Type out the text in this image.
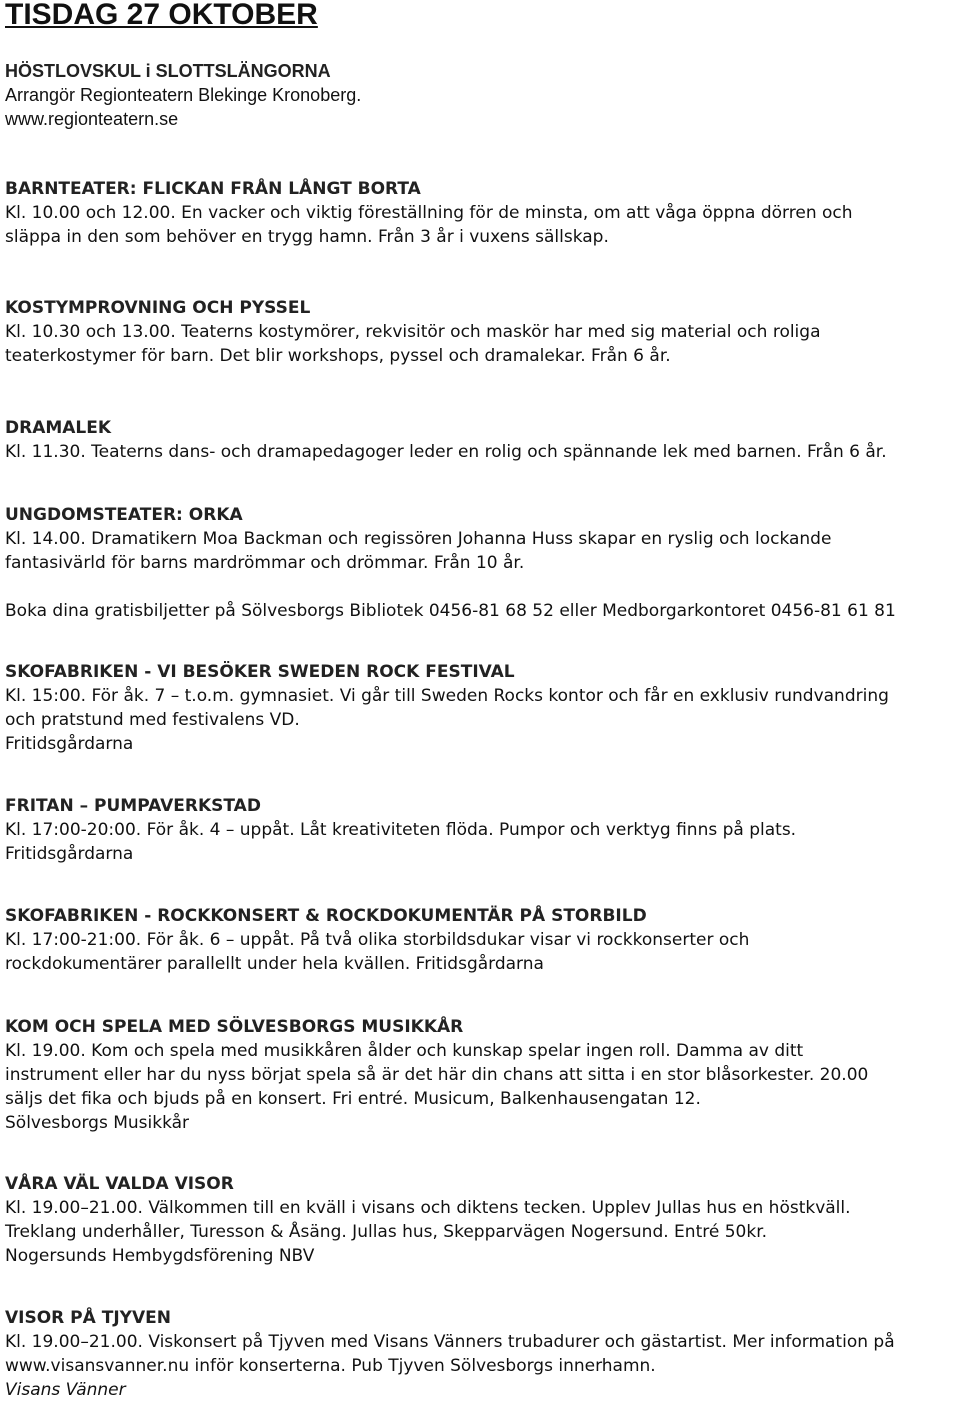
TISDAG 27 OKTOBER
HÖSTLOVSKUL i SLOTTSLÄNGORNA
Arrangör Regionteatern Blekinge Kronoberg.
www.regionteatern.se
BARNTEATER: FLICKAN FRÅN LÅNGT BORTA
Kl. 10.00 och 12.00. En vacker och viktig föreställning för de minsta, om att våga öppna dörren och
släppa in den som behöver en trygg hamn. Från 3 år i vuxens sällskap.
KOSTYMPROVNING OCH PYSSEL
Kl. 10.30 och 13.00. Teaterns kostymörer, rekvisitör och maskör har med sig material och roliga
teaterkostymer för barn. Det blir workshops, pyssel och dramalekar. Från 6 år.
DRAMALEK
Kl. 11.30. Teaterns dans- och dramapedagoger leder en rolig och spännande lek med barnen. Från 6 år.
UNGDOMSTEATER: ORKA
Kl. 14.00. Dramatikern Moa Backman och regissören Johanna Huss skapar en ryslig och lockande
fantasivärld för barns mardrömmar och drömmar. Från 10 år.
Boka dina gratisbiljetter på Sölvesborgs Bibliotek 0456-81 68 52 eller Medborgarkontoret 0456-81 61 81
SKOFABRIKEN - VI BESÖKER SWEDEN ROCK FESTIVAL
Kl. 15:00. För åk. 7 – t.o.m. gymnasiet. Vi går till Sweden Rocks kontor och får en exklusiv rundvandring
och pratstund med festivalens VD.
Fritidsgårdarna
FRITAN – PUMPAVERKSTAD
Kl. 17:00-20:00. För åk. 4 – uppåt. Låt kreativiteten flöda. Pumpor och verktyg finns på plats.
Fritidsgårdarna
SKOFABRIKEN - ROCKKONSERT & ROCKDOKUMENTÄR PÅ STORBILD
Kl. 17:00-21:00. För åk. 6 – uppåt. På två olika storbildsdukar visar vi rockkonserter och
rockdokumentärer parallellt under hela kvällen. Fritidsgårdarna
KOM OCH SPELA MED SÖLVESBORGS MUSIKKÅR
Kl. 19.00. Kom och spela med musikkåren ålder och kunskap spelar ingen roll. Damma av ditt
instrument eller har du nyss börjat spela så är det här din chans att sitta i en stor blåsorkester. 20.00
säljs det fika och bjuds på en konsert. Fri entré. Musicum, Balkenhausengatan 12.
Sölvesborgs Musikkår
VÅRA VÄL VALDA VISOR
Kl. 19.00–21.00. Välkommen till en kväll i visans och diktens tecken. Upplev Jullas hus en höstkväll.
Treklang underhåller, Turesson & Åsäng. Jullas hus, Skepparvägen Nogersund. Entré 50kr.
Nogersunds Hembygdsförening NBV
VISOR PÅ TJYVEN
Kl. 19.00–21.00. Viskonsert på Tjyven med Visans Vänners trubadurer och gästartist. Mer information på
www.visansvanner.nu inför konserterna. Pub Tjyven Sölvesborgs innerhamn.
Visans Vänner
